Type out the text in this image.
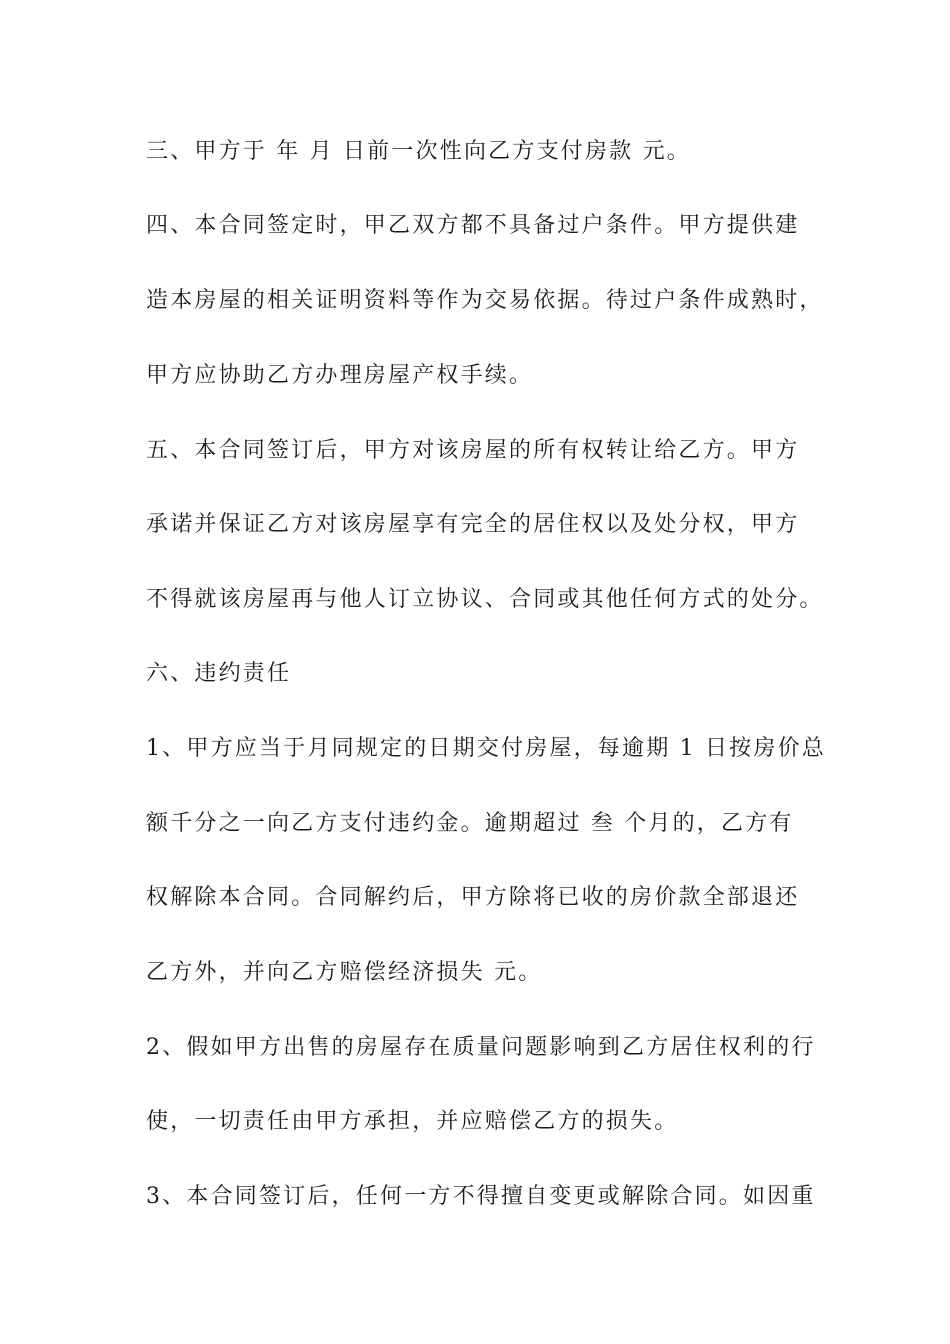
三、甲方于 年 月 日前一次性向乙方支付房款 元。
四、本合同签定时，甲乙双方都不具备过户条件。甲方提供建
造本房屋的相关证明资料等作为交易依据。待过户条件成熟时，
甲方应协助乙方办理房屋产权手续。
五、本合同签订后，甲方对该房屋的所有权转让给乙方。甲方
承诺并保证乙方对该房屋享有完全的居住权以及处分权，甲方
不得就该房屋再与他人订立协议、合同或其他任何方式的处分。
六、违约责任
1、甲方应当于月同规定的日期交付房屋，每逾期 1 日按房价总
额千分之一向乙方支付违约金。逾期超过 叁 个月的，乙方有
权解除本合同。合同解约后，甲方除将已收的房价款全部退还
乙方外，并向乙方赔偿经济损失 元。
2、假如甲方出售的房屋存在质量问题影响到乙方居住权利的行
使，一切责任由甲方承担，并应赔偿乙方的损失。
3、本合同签订后，任何一方不得擅自变更或解除合同。如因重
